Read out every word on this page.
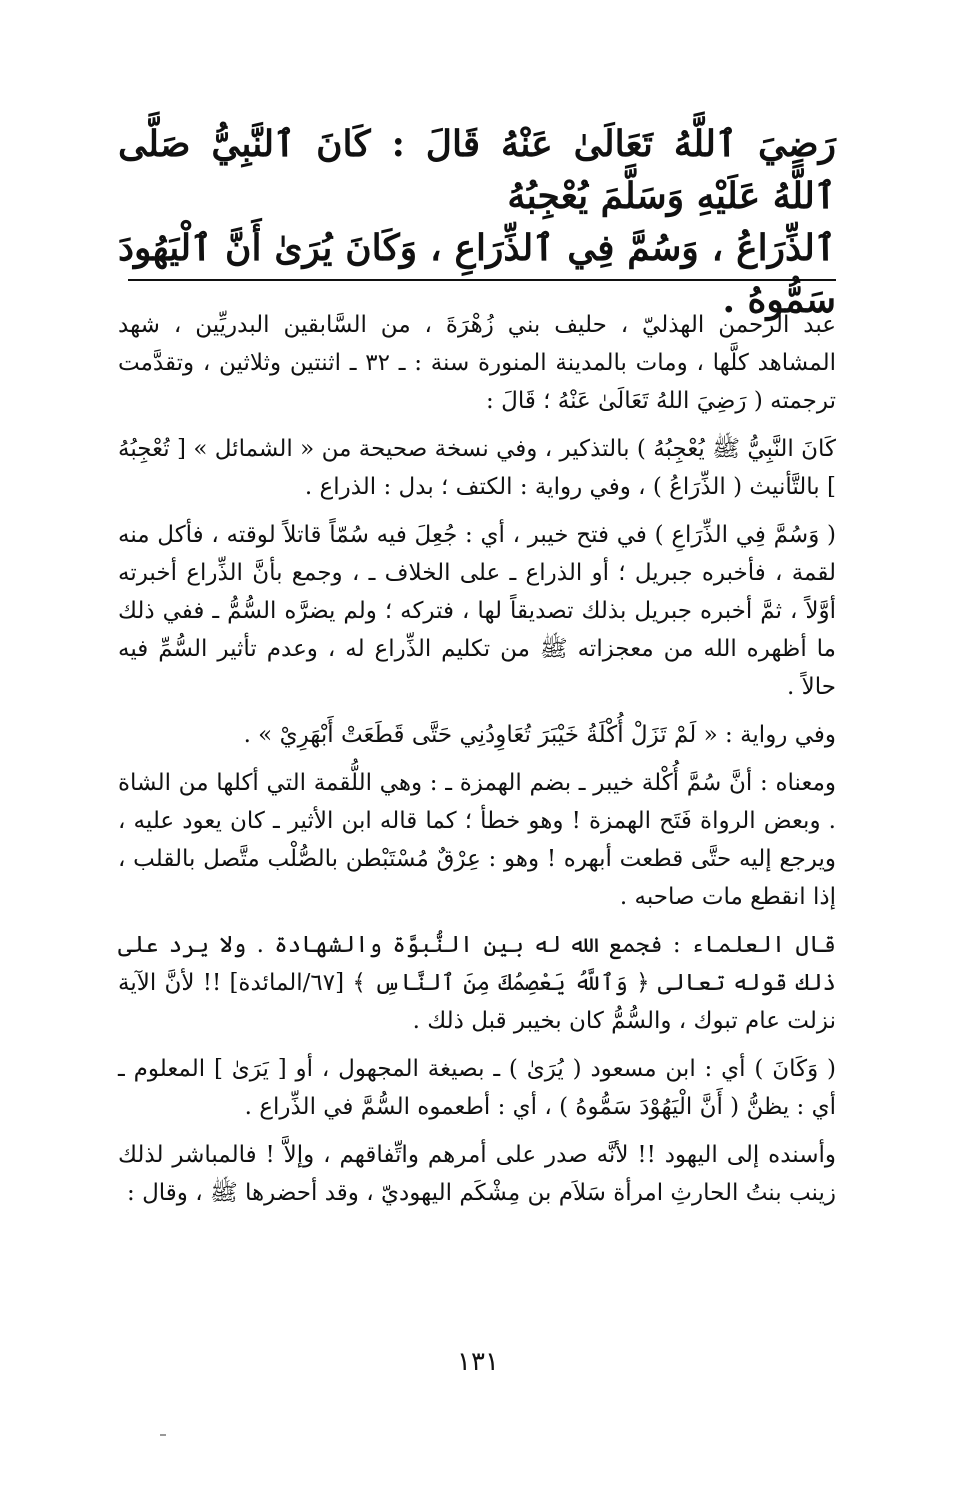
رَضِيَ ٱللَّهُ تَعَالَىٰ عَنْهُ قَالَ : كَانَ ٱلنَّبِيُّ صَلَّى ٱللَّهُ عَلَيْهِ وَسَلَّمَ يُعْجِبُهُ

ٱلذِّرَاعُ ، وَسُمَّ فِي ٱلذِّرَاعِ ، وَكَانَ يُرَىٰ أَنَّ ٱلْيَهُودَ سَمُّوهُ .

عبد الرحمن الهذليّ ، حليف بني زُهْرَةَ ، من السَّابقين البدريِّين ، شهد المشاهد كلَّها ، ومات بالمدينة المنورة سنة : ـ ٣٢ ـ اثنتين وثلاثين ، وتقدَّمت ترجمته ( رَضِيَ اللهُ تَعَالَىٰ عَنْهُ ؛ قَالَ :

كَانَ النَّبِيُّ ﷺ يُعْجِبُهُ ) بالتذكير ، وفي نسخة صحيحة من « الشمائل » [ تُعْجِبُهُ ] بالتَّأنيث ( الذِّرَاعُ ) ، وفي رواية : الكتف ؛ بدل : الذراع .

( وَسُمَّ فِي الذِّرَاعِ ) في فتح خيبر ، أي : جُعِلَ فيه سُمّاً قاتلاً لوقته ، فأكل منه لقمة ، فأخبره جبريل ؛ أو الذراع ـ على الخلاف ـ ، وجمع بأنَّ الذِّراع أخبرته أوَّلاً ، ثمَّ أخبره جبريل بذلك تصديقاً لها ، فتركه ؛ ولم يضرَّه السُّمُّ ـ ففي ذلك ما أظهره الله من معجزاته ﷺ من تكليم الذِّراع له ، وعدم تأثير السُّمِّ فيه حالاً .

وفي رواية : « لَمْ تَزَلْ أُكْلَةُ خَيْبَرَ تُعَاوِدُنِي حَتَّى قَطَعَتْ أَبْهَرِيْ » .

ومعناه : أنَّ سُمَّ أُكْلة خيبر ـ بضم الهمزة ـ : وهي اللُّقمة التي أكلها من الشاة . وبعض الرواة فَتَح الهمزة ! وهو خطأ ؛ كما قاله ابن الأثير ـ كان يعود عليه ، ويرجع إليه حتَّى قطعت أبهره ! وهو : عِرْقٌ مُسْتَبْطن بالصُّلْب متَّصل بالقلب ، إذا انقطع مات صاحبه .

قال العلماء : فجمع الله له بين النُّبوَّة والشهادة . ولا يرد على ذلك قوله تعالى ﴿ وَٱللَّهُ يَعْصِمُكَ مِنَ ٱلنَّاسِ ﴾ [٦٧/المائدة] !! لأنَّ الآية نزلت عام تبوك ، والسُّمُّ كان بخيبر قبل ذلك .

( وَكَانَ ) أي : ابن مسعود ( يُرَىٰ ) ـ بصيغة المجهول ، أو [ يَرَىٰ ] المعلوم ـ أي : يظنُّ ( أَنَّ الْيَهُوْدَ سَمُّوهُ ) ، أي : أطعموه السُّمَّ في الذِّراع .

وأسنده إلى اليهود !! لأنَّه صدر على أمرهم واتِّفاقهم ، وإلاَّ ! فالمباشر لذلك زينب بنتُ الحارثِ امرأة سَلاَم بن مِشْكَم اليهوديّ ، وقد أحضرها ﷺ ، وقال :

١٣١
